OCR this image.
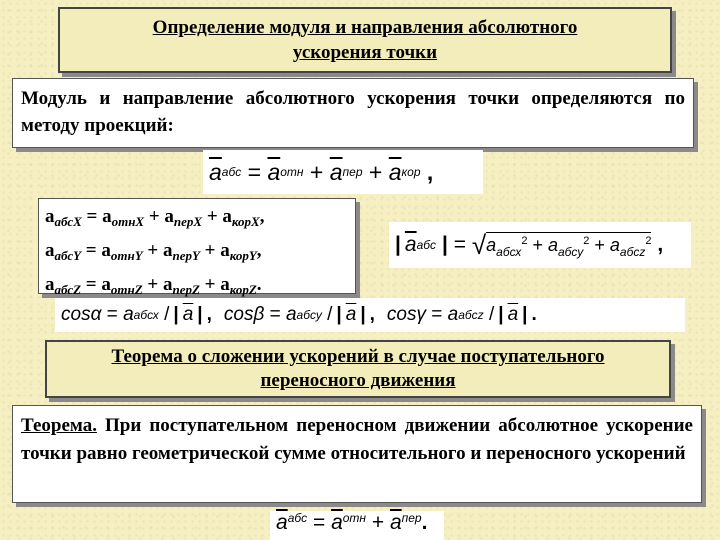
Определение модуля и направления абсолютного
ускорения точки
Модуль и направление абсолютного ускорения точки определяются по методу проекций:
$\overline{a}$ абс = $\overline{a}$ отн + $\overline{a}$ пер + $\overline{a}$ кор ,
$a_{абсX} = a_{отнX} + a_{перX} + a_{корX}$,
$a_{абсY} = a_{отнY} + a_{перY} + a_{корY}$,
$a_{абсZ} = a_{отнZ} + a_{перZ} + a_{корZ}$.
| $\overline{a}$ абс | = √ $a_{абсх}^2 + a_{абсу}^2 + a_{абсz}^2$ ,
cosα = a абсх / | $\overline{a}$ | , cosβ = a абсу / | $\overline{a}$ | , cosγ = a абсz / | $\overline{a}$ | .
Теорема о сложении ускорений в случае поступательного
переносного движения
Теорема. При поступательном переносном движении абсолютное ускорение точки равно геометрической сумме относительного и переносного ускорений
$\overline{a}^{абс} = \overline{a}^{отн} + \overline{a}^{пер}$ .
